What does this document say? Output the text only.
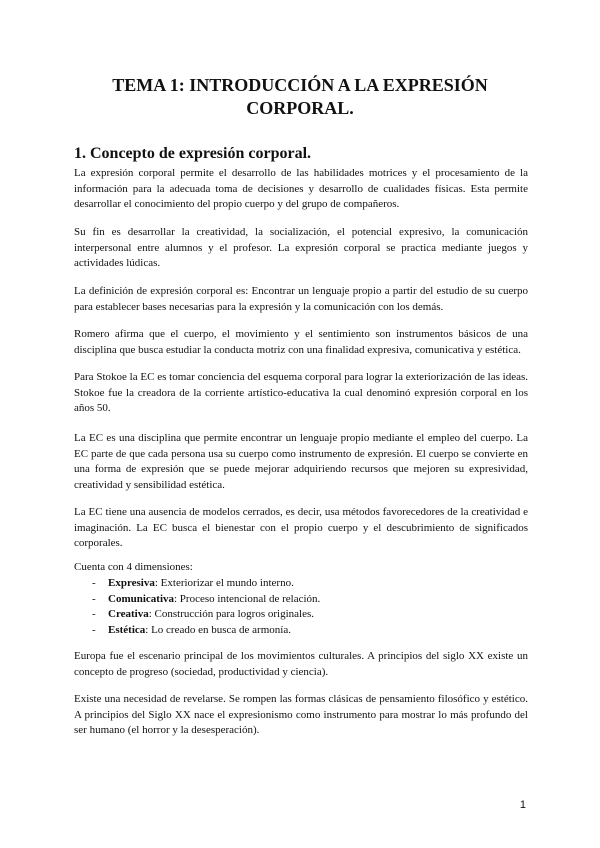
TEMA 1: INTRODUCCIÓN A LA EXPRESIÓN
CORPORAL.
1. Concepto de expresión corporal.

La expresión corporal permite el desarrollo de las habilidades motrices y el procesamiento de la información para la adecuada toma de decisiones y desarrollo de cualidades físicas. Esta permite desarrollar el conocimiento del propio cuerpo y del grupo de compañeros.

Su fin es desarrollar la creatividad, la socialización, el potencial expresivo, la comunicación interpersonal entre alumnos y el profesor. La expresión corporal se practica mediante juegos y actividades lúdicas.

La definición de expresión corporal es: Encontrar un lenguaje propio a partir del estudio de su cuerpo para establecer bases necesarias para la expresión y la comunicación con los demás.

Romero afirma que el cuerpo, el movimiento y el sentimiento son instrumentos básicos de una disciplina que busca estudiar la conducta motriz con una finalidad expresiva, comunicativa y estética.

Para Stokoe la EC es tomar conciencia del esquema corporal para lograr la exteriorización de las ideas. Stokoe fue la creadora de la corriente artístico-educativa la cual denominó expresión corporal en los años 50.

La EC es una disciplina que permite encontrar un lenguaje propio mediante el empleo del cuerpo. La EC parte de que cada persona usa su cuerpo como instrumento de expresión. El cuerpo se convierte en una forma de expresión que se puede mejorar adquiriendo recursos que mejoren su expresividad, creatividad y sensibilidad estética.

La EC tiene una ausencia de modelos cerrados, es decir, usa métodos favorecedores de la creatividad e imaginación. La EC busca el bienestar con el propio cuerpo y el descubrimiento de significados corporales.

Cuenta con 4 dimensiones:

- Expresiva: Exteriorizar el mundo interno.
- Comunicativa: Proceso intencional de relación.
- Creativa: Construcción para logros originales.
- Estética: Lo creado en busca de armonía.

Europa fue el escenario principal de los movimientos culturales. A principios del siglo XX existe un concepto de progreso (sociedad, productividad y ciencia).

Existe una necesidad de revelarse. Se rompen las formas clásicas de pensamiento filosófico y estético. A principios del Siglo XX nace el expresionismo como instrumento para mostrar lo más profundo del ser humano (el horror y la desesperación).

1
